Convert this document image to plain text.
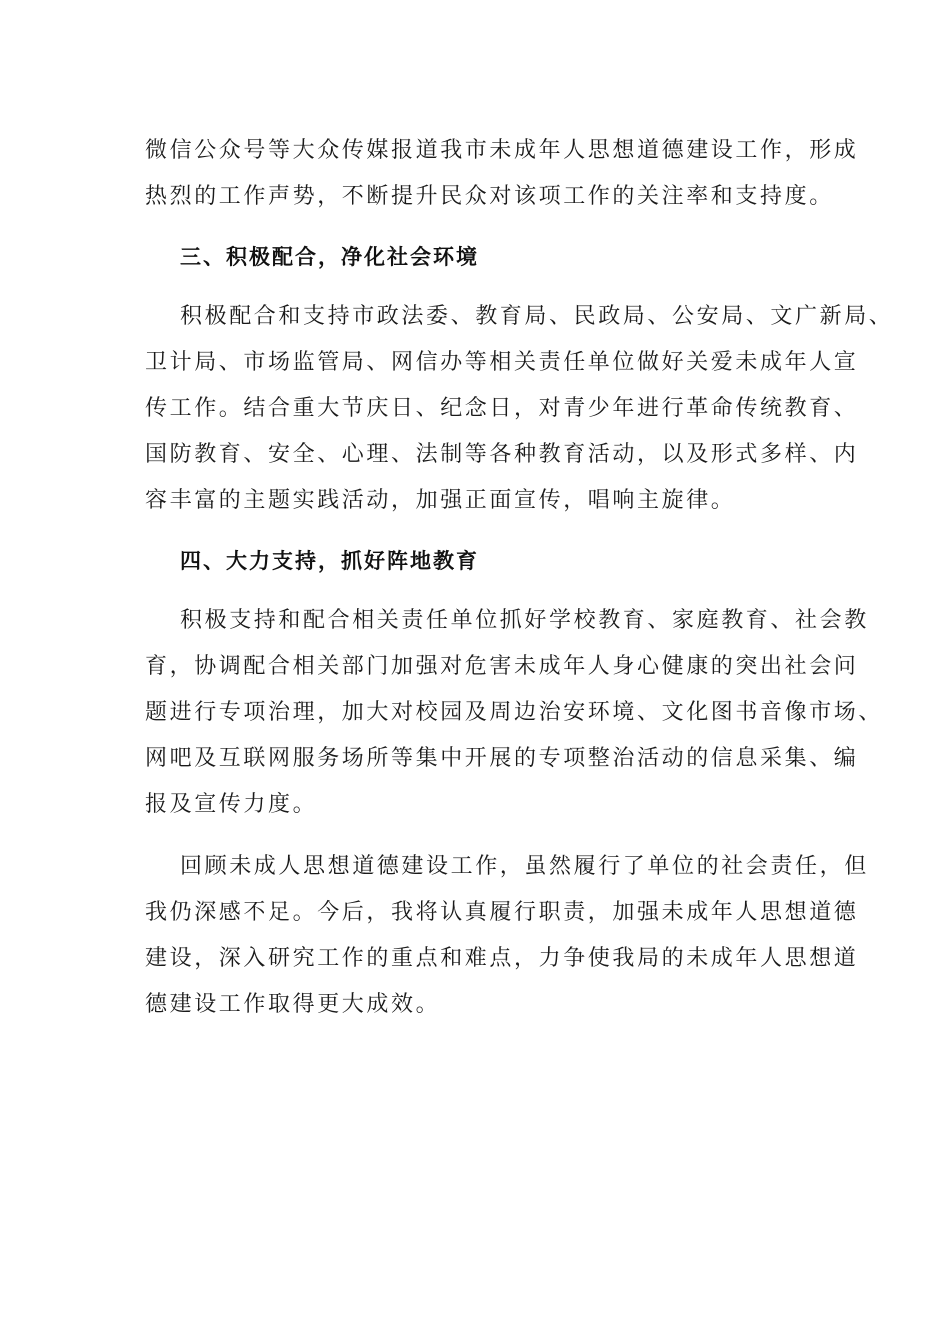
微信公众号等大众传媒报道我市未成年人思想道德建设工作，形成
热烈的工作声势，不断提升民众对该项工作的关注率和支持度。

三、积极配合，净化社会环境

积极配合和支持市政法委、教育局、民政局、公安局、文广新局、
卫计局、市场监管局、网信办等相关责任单位做好关爱未成年人宣
传工作。结合重大节庆日、纪念日，对青少年进行革命传统教育、
国防教育、安全、心理、法制等各种教育活动，以及形式多样、内
容丰富的主题实践活动，加强正面宣传，唱响主旋律。

四、大力支持，抓好阵地教育

积极支持和配合相关责任单位抓好学校教育、家庭教育、社会教
育，协调配合相关部门加强对危害未成年人身心健康的突出社会问
题进行专项治理，加大对校园及周边治安环境、文化图书音像市场、
网吧及互联网服务场所等集中开展的专项整治活动的信息采集、编
报及宣传力度。

回顾未成人思想道德建设工作，虽然履行了单位的社会责任，但
我仍深感不足。今后，我将认真履行职责，加强未成年人思想道德
建设，深入研究工作的重点和难点，力争使我局的未成年人思想道
德建设工作取得更大成效。
